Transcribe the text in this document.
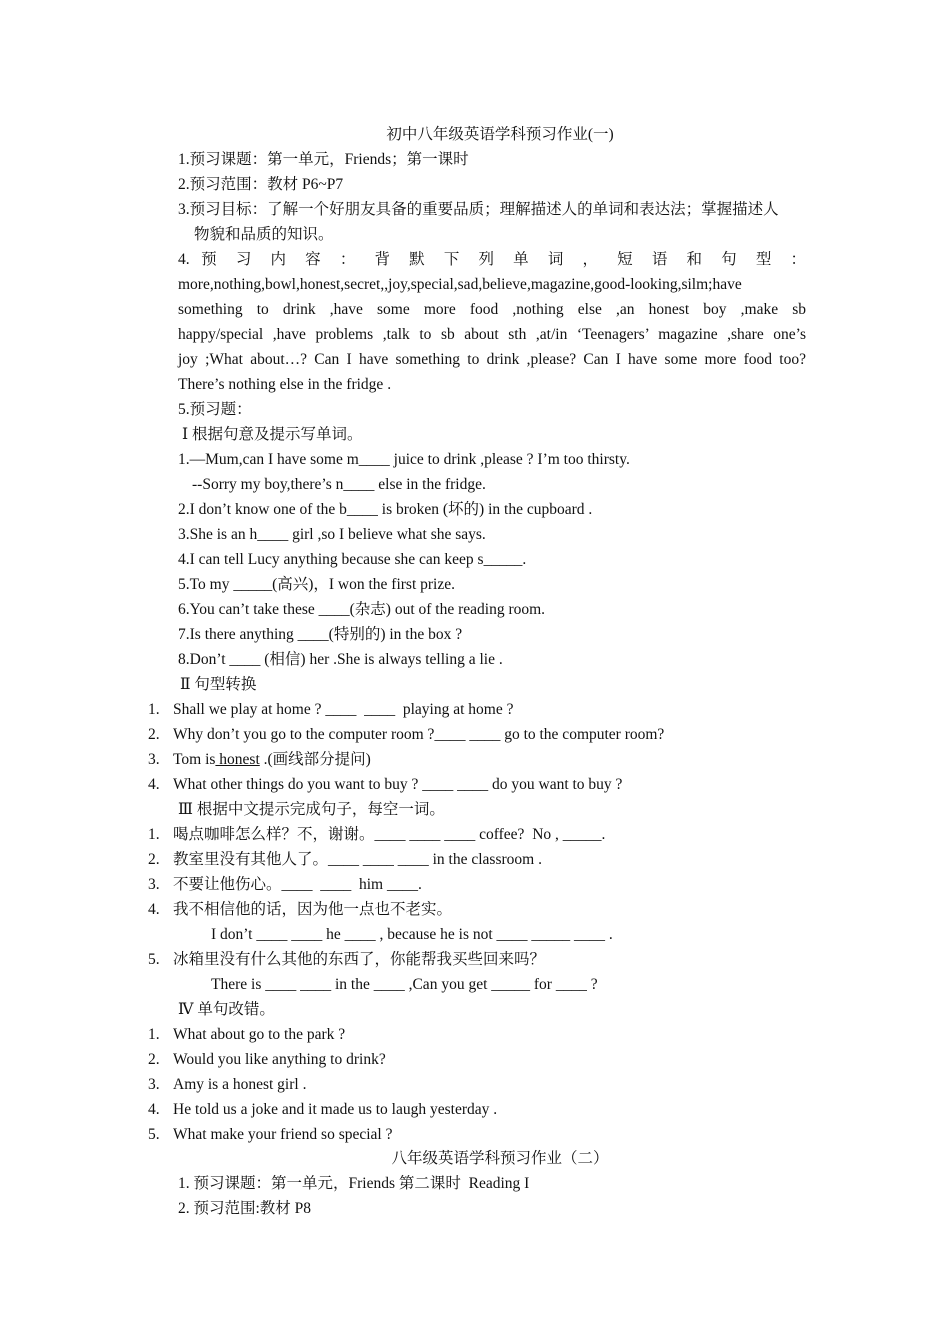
初中八年级英语学科预习作业(一)
1.预习课题：第一单元，Friends；第一课时
2.预习范围：教材 P6~P7
3.预习目标：了解一个好朋友具备的重要品质；理解描述人的单词和表达法；掌握描述人
物貌和品质的知识。
4. 预 习 内 容 ： 背 默 下 列 单 词 ， 短 语 和 句 型 ：
more,nothing,bowl,honest,secret,,joy,special,sad,believe,magazine,good-looking,silm;have
something to drink ,have some more food ,nothing else ,an honest boy ,make sb
happy/special ,have problems ,talk to sb about sth ,at/in ‘Teenagers’ magazine ,share one’s
joy ;What about…? Can I have something to drink ,please? Can I have some more food too?
There’s nothing else in the fridge .
5.预习题：
Ⅰ 根据句意及提示写单词。
1.—Mum,can I have some m____ juice to drink ,please ? I’m too thirsty.
--Sorry my boy,there’s n____ else in the fridge.
2.I don’t know one of the b____ is broken (坏的) in the cupboard .
3.She is an h____ girl ,so I believe what she says.
4.I can tell Lucy anything because she can keep s_____.
5.To my _____(高兴)，I won the first prize.
6.You can’t take these ____(杂志) out of the reading room.
7.Is there anything ____(特别的) in the box ?
8.Don’t ____ (相信) her .She is always telling a lie .
Ⅱ 句型转换
1. Shall we play at home ? ____  ____  playing at home ?
2. Why don’t you go to the computer room ?____ ____ go to the computer room?
3. Tom is honest .(画线部分提问)
4. What other things do you want to buy ? ____ ____ do you want to buy ?
Ⅲ 根据中文提示完成句子，每空一词。
1. 喝点咖啡怎么样？不，谢谢。____ ____ ____ coffee?  No , _____.
2. 教室里没有其他人了。____ ____ ____ in the classroom .
3. 不要让他伤心。____  ____  him ____.
4. 我不相信他的话，因为他一点也不老实。
I don’t ____ ____ he ____ , because he is not ____ _____ ____ .
5. 冰箱里没有什么其他的东西了，你能帮我买些回来吗？
There is ____ ____ in the ____ ,Can you get _____ for ____ ?
Ⅳ 单句改错。
1. What about go to the park ?
2. Would you like anything to drink?
3. Amy is a honest girl .
4. He told us a joke and it made us to laugh yesterday .
5. What make your friend so special ?
八年级英语学科预习作业（二）
1. 预习课题：第一单元，Friends 第二课时  Reading I
2. 预习范围:教材 P8
